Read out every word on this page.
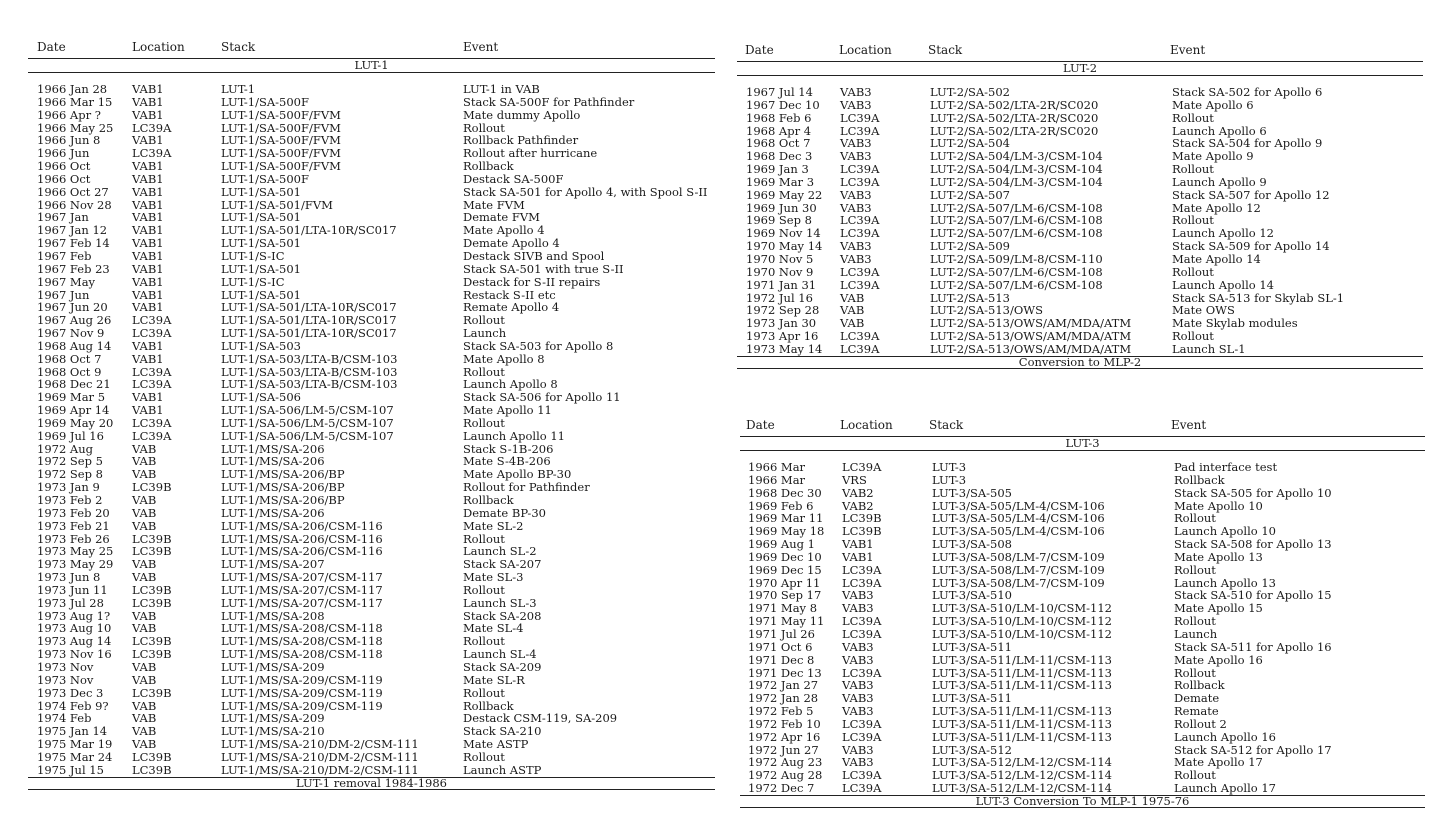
Date	Location	Stack	Event
LUT-1
1966 Jan 28 VAB1	LUT-1	LUT-1 in VAB
1966 Mar 15 VAB1	LUT-1/SA-500F	Stack SA-500F for Pathfinder
1966 Apr ?	VAB1	LUT-1/SA-500F/FVM	Mate dummy Apollo
1966 May 25 LC39A	LUT-1/SA-500F/FVM	Rollout
1966 Jun 8	VAB1	LUT-1/SA-500F/FVM	Rollback Pathfinder
1966 Jun	LC39A	LUT-1/SA-500F/FVM	Rollout after hurricane
1966 Oct	VAB1	LUT-1/SA-500F/FVM	Rollback
1966 Oct	VAB1	LUT-1/SA-500F	Destack SA-500F
1966 Oct 27 VAB1	LUT-1/SA-501	Stack SA-501 for Apollo 4, with Spool S-II
1966 Nov 28 VAB1	LUT-1/SA-501/FVM	Mate FVM
1967 Jan	VAB1	LUT-1/SA-501	Demate FVM
1967 Jan 12 VAB1	LUT-1/SA-501/LTA-10R/SC017	Mate Apollo 4
1967 Feb 14 VAB1	LUT-1/SA-501	Demate Apollo 4
1967 Feb	VAB1	LUT-1/S-IC	Destack SIVB and Spool
1967 Feb 23 VAB1	LUT-1/SA-501	Stack SA-501 with true S-II
1967 May	VAB1	LUT-1/S-IC	Destack for S-II repairs
1967 Jun	VAB1	LUT-1/SA-501	Restack S-II etc
1967 Jun 20 VAB1	LUT-1/SA-501/LTA-10R/SC017	Remate Apollo 4
1967 Aug 26 LC39A	LUT-1/SA-501/LTA-10R/SC017	Rollout
1967 Nov 9 LC39A	LUT-1/SA-501/LTA-10R/SC017	Launch
1968 Aug 14 VAB1	LUT-1/SA-503	Stack SA-503 for Apollo 8
1968 Oct 7	VAB1	LUT-1/SA-503/LTA-B/CSM-103	Mate Apollo 8
1968 Oct 9	LC39A	LUT-1/SA-503/LTA-B/CSM-103	Rollout
1968 Dec 21 LC39A	LUT-1/SA-503/LTA-B/CSM-103	Launch Apollo 8
1969 Mar 5 VAB1	LUT-1/SA-506	Stack SA-506 for Apollo 11
1969 Apr 14 VAB1	LUT-1/SA-506/LM-5/CSM-107	Mate Apollo 11
1969 May 20 LC39A	LUT-1/SA-506/LM-5/CSM-107	Rollout
1969 Jul 16 LC39A	LUT-1/SA-506/LM-5/CSM-107	Launch Apollo 11
1972 Aug	VAB	LUT-1/MS/SA-206	Stack S-1B-206
1972 Sep 5	VAB	LUT-1/MS/SA-206	Mate S-4B-206
1972 Sep 8	VAB	LUT-1/MS/SA-206/BP	Mate Apollo BP-30
1973 Jan 9	LC39B	LUT-1/MS/SA-206/BP	Rollout for Pathfinder
1973 Feb 2	VAB	LUT-1/MS/SA-206/BP	Rollback
1973 Feb 20 VAB	LUT-1/MS/SA-206	Demate BP-30
1973 Feb 21 VAB	LUT-1/MS/SA-206/CSM-116	Mate SL-2
1973 Feb 26 LC39B	LUT-1/MS/SA-206/CSM-116	Rollout
1973 May 25 LC39B	LUT-1/MS/SA-206/CSM-116	Launch SL-2
1973 May 29 VAB	LUT-1/MS/SA-207	Stack SA-207
1973 Jun 8	VAB	LUT-1/MS/SA-207/CSM-117	Mate SL-3
1973 Jun 11 LC39B	LUT-1/MS/SA-207/CSM-117	Rollout
1973 Jul 28 LC39B	LUT-1/MS/SA-207/CSM-117	Launch SL-3
1973 Aug 1? VAB	LUT-1/MS/SA-208	Stack SA-208
1973 Aug 10 VAB	LUT-1/MS/SA-208/CSM-118	Mate SL-4
1973 Aug 14 LC39B	LUT-1/MS/SA-208/CSM-118	Rollout
1973 Nov 16 LC39B	LUT-1/MS/SA-208/CSM-118	Launch SL-4
1973 Nov	VAB	LUT-1/MS/SA-209	Stack SA-209
1973 Nov	VAB	LUT-1/MS/SA-209/CSM-119	Mate SL-R
1973 Dec 3 LC39B	LUT-1/MS/SA-209/CSM-119	Rollout
1974 Feb 9? VAB	LUT-1/MS/SA-209/CSM-119	Rollback
1974 Feb	VAB	LUT-1/MS/SA-209	Destack CSM-119, SA-209
1975 Jan 14 VAB	LUT-1/MS/SA-210	Stack SA-210
1975 Mar 19 VAB	LUT-1/MS/SA-210/DM-2/CSM-111	Mate ASTP
1975 Mar 24 LC39B	LUT-1/MS/SA-210/DM-2/CSM-111	Rollout
1975 Jul 15 LC39B	LUT-1/MS/SA-210/DM-2/CSM-111	Launch ASTP
LUT-1 removal 1984-1986
Date	Location	Stack	Event
LUT-2
1967 Jul 14 VAB3	LUT-2/SA-502	Stack SA-502 for Apollo 6
1967 Dec 10 VAB3	LUT-2/SA-502/LTA-2R/SC020	Mate Apollo 6
1968 Feb 6 LC39A	LUT-2/SA-502/LTA-2R/SC020	Rollout
1968 Apr 4	LC39A	LUT-2/SA-502/LTA-2R/SC020	Launch Apollo 6
1968 Oct 7	VAB3	LUT-2/SA-504	Stack SA-504 for Apollo 9
1968 Dec 3 VAB3	LUT-2/SA-504/LM-3/CSM-104	Mate Apollo 9
1969 Jan 3	LC39A	LUT-2/SA-504/LM-3/CSM-104	Rollout
1969 Mar 3 LC39A	LUT-2/SA-504/LM-3/CSM-104	Launch Apollo 9
1969 May 22 VAB3	LUT-2/SA-507	Stack SA-507 for Apollo 12
1969 Jun 30 VAB3	LUT-2/SA-507/LM-6/CSM-108	Mate Apollo 12
1969 Sep 8 LC39A	LUT-2/SA-507/LM-6/CSM-108	Rollout
1969 Nov 14 LC39A	LUT-2/SA-507/LM-6/CSM-108	Launch Apollo 12
1970 May 14 VAB3	LUT-2/SA-509	Stack SA-509 for Apollo 14
1970 Nov 5 VAB3	LUT-2/SA-509/LM-8/CSM-110	Mate Apollo 14
1970 Nov 9 LC39A	LUT-2/SA-507/LM-6/CSM-108	Rollout
1971 Jan 31 LC39A	LUT-2/SA-507/LM-6/CSM-108	Launch Apollo 14
1972 Jul 16 VAB	LUT-2/SA-513	Stack SA-513 for Skylab SL-1
1972 Sep 28 VAB	LUT-2/SA-513/OWS	Mate OWS
1973 Jan 30 VAB	LUT-2/SA-513/OWS/AM/MDA/ATM	Mate Skylab modules
1973 Apr 16 LC39A	LUT-2/SA-513/OWS/AM/MDA/ATM	Rollout
1973 May 14 LC39A	LUT-2/SA-513/OWS/AM/MDA/ATM	Launch SL-1
Conversion to MLP-2
Date	Location	Stack	Event
LUT-3
1966 Mar	LC39A	LUT-3	Pad interface test
1966 Mar	VRS	LUT-3	Rollback
1968 Dec 30 VAB2	LUT-3/SA-505	Stack SA-505 for Apollo 10
1969 Feb 6 VAB2	LUT-3/SA-505/LM-4/CSM-106	Mate Apollo 10
1969 Mar 11 LC39B	LUT-3/SA-505/LM-4/CSM-106	Rollout
1969 May 18 LC39B	LUT-3/SA-505/LM-4/CSM-106	Launch Apollo 10
1969 Aug 1 VAB1	LUT-3/SA-508	Stack SA-508 for Apollo 13
1969 Dec 10 VAB1	LUT-3/SA-508/LM-7/CSM-109	Mate Apollo 13
1969 Dec 15 LC39A	LUT-3/SA-508/LM-7/CSM-109	Rollout
1970 Apr 11 LC39A	LUT-3/SA-508/LM-7/CSM-109	Launch Apollo 13
1970 Sep 17 VAB3	LUT-3/SA-510	Stack SA-510 for Apollo 15
1971 May 8 VAB3	LUT-3/SA-510/LM-10/CSM-112	Mate Apollo 15
1971 May 11 LC39A	LUT-3/SA-510/LM-10/CSM-112	Rollout
1971 Jul 26 LC39A	LUT-3/SA-510/LM-10/CSM-112	Launch
1971 Oct 6	VAB3	LUT-3/SA-511	Stack SA-511 for Apollo 16
1971 Dec 8 VAB3	LUT-3/SA-511/LM-11/CSM-113	Mate Apollo 16
1971 Dec 13 LC39A	LUT-3/SA-511/LM-11/CSM-113	Rollout
1972 Jan 27 VAB3	LUT-3/SA-511/LM-11/CSM-113	Rollback
1972 Jan 28 VAB3	LUT-3/SA-511	Demate
1972 Feb 5 VAB3	LUT-3/SA-511/LM-11/CSM-113	Remate
1972 Feb 10 LC39A	LUT-3/SA-511/LM-11/CSM-113	Rollout 2
1972 Apr 16 LC39A	LUT-3/SA-511/LM-11/CSM-113	Launch Apollo 16
1972 Jun 27 VAB3	LUT-3/SA-512	Stack SA-512 for Apollo 17
1972 Aug 23 VAB3	LUT-3/SA-512/LM-12/CSM-114	Mate Apollo 17
1972 Aug 28 LC39A	LUT-3/SA-512/LM-12/CSM-114	Rollout
1972 Dec 7 LC39A	LUT-3/SA-512/LM-12/CSM-114	Launch Apollo 17
LUT-3 Conversion To MLP-1 1975-76
